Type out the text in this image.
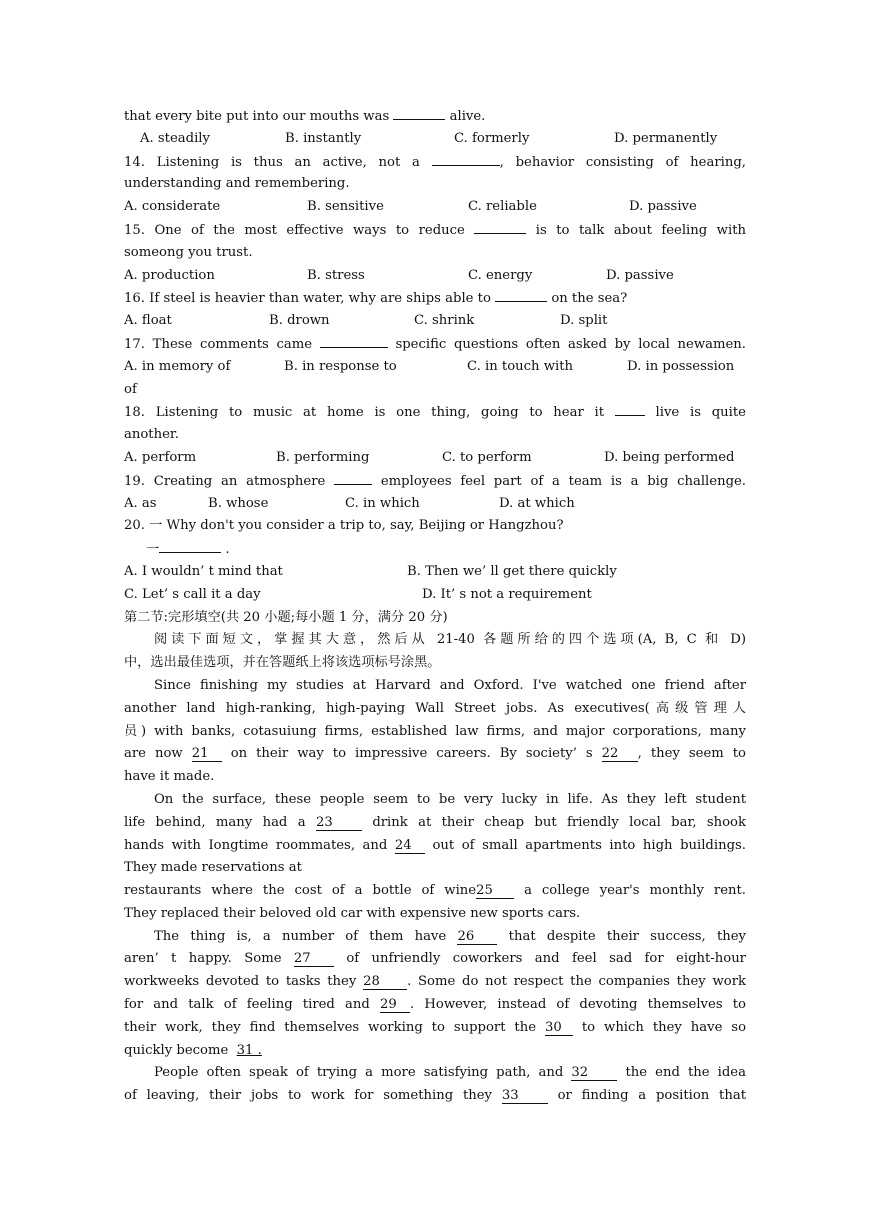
that every bite put into our mouths was	alive.
A. steadily	B. instantly	C. formerly	D. permanently
14. Listening is thus an active, not a	, behavior consisting of hearing,
understanding and remembering.
A. considerate	B. sensitive	C. reliable	D. passive
15. One of the most effective ways to reduce	is to talk about feeling with
someong you trust.
A. production	B. stress	C. energy	D. passive
16. If steel is heavier than water, why are ships able to	on the sea?
A. float	B. drown	C. shrink	D. split
17. These comments came	specific questions often asked by local newamen.
A. in memory of	B. in response to	C. in touch with	D. in possession
of
18. Listening to music at home is one thing, going to hear it	live is quite
another.
A. perform	B. performing	C. to perform	D. being performed
19. Creating an atmosphere	employees feel part of a team is a big challenge.
A. as	B. whose	C. in which	D. at which
20. 一 Why don't you consider a trip to, say, Beijing or Hangzhou?
一	.
A. I wouldn’ t mind that	B. Then we’ ll get there quickly
C. Let’ s call it a day	D. It’ s not a requirement
第二节:完形填空(共 20 小题;每小题 1 分，满分 20 分)
阅读下面短文，掌握其大意，然后从 21-40 各题所给的四个选项(A, B, C 和 D)
中，选出最佳选项，并在答题纸上将该选项标号涂黑。
Since finishing my studies at Harvard and Oxford. I've watched one friend after
another land high-ranking, high-paying Wall Street jobs. As executives(高级管理人
员) with banks, cotasuiung firms, established law firms, and major corporations, many
are now 21 on their way to impressive careers. By society’ s 22 , they seem to
have it made.
On the surface, these people seem to be very lucky in life. As they left student
life behind, many had a 23	drink at their cheap but friendly local bar, shook
hands with Iongtime roommates, and 24 out of small apartments into high buildings.
They made reservations at
restaurants where the cost of a bottle of wine25 a college year's monthly rent.
They replaced their beloved old car with expensive new sports cars.
The thing is, a number of them have 26	that despite their success, they
aren’ t happy. Some 27	of unfriendly coworkers and feel sad for eight-hour
workweeks devoted to tasks they 28 . Some do not respect the companies they work
for and talk of feeling tired and 29 . However, instead of devoting themselves to
their work, they find themselves working to support the 30 to which they have so
quickly become 31 .
People often speak of trying a more satisfying path, and 32	the end the idea
of leaving, their jobs to work for something they 33	or finding a position that
